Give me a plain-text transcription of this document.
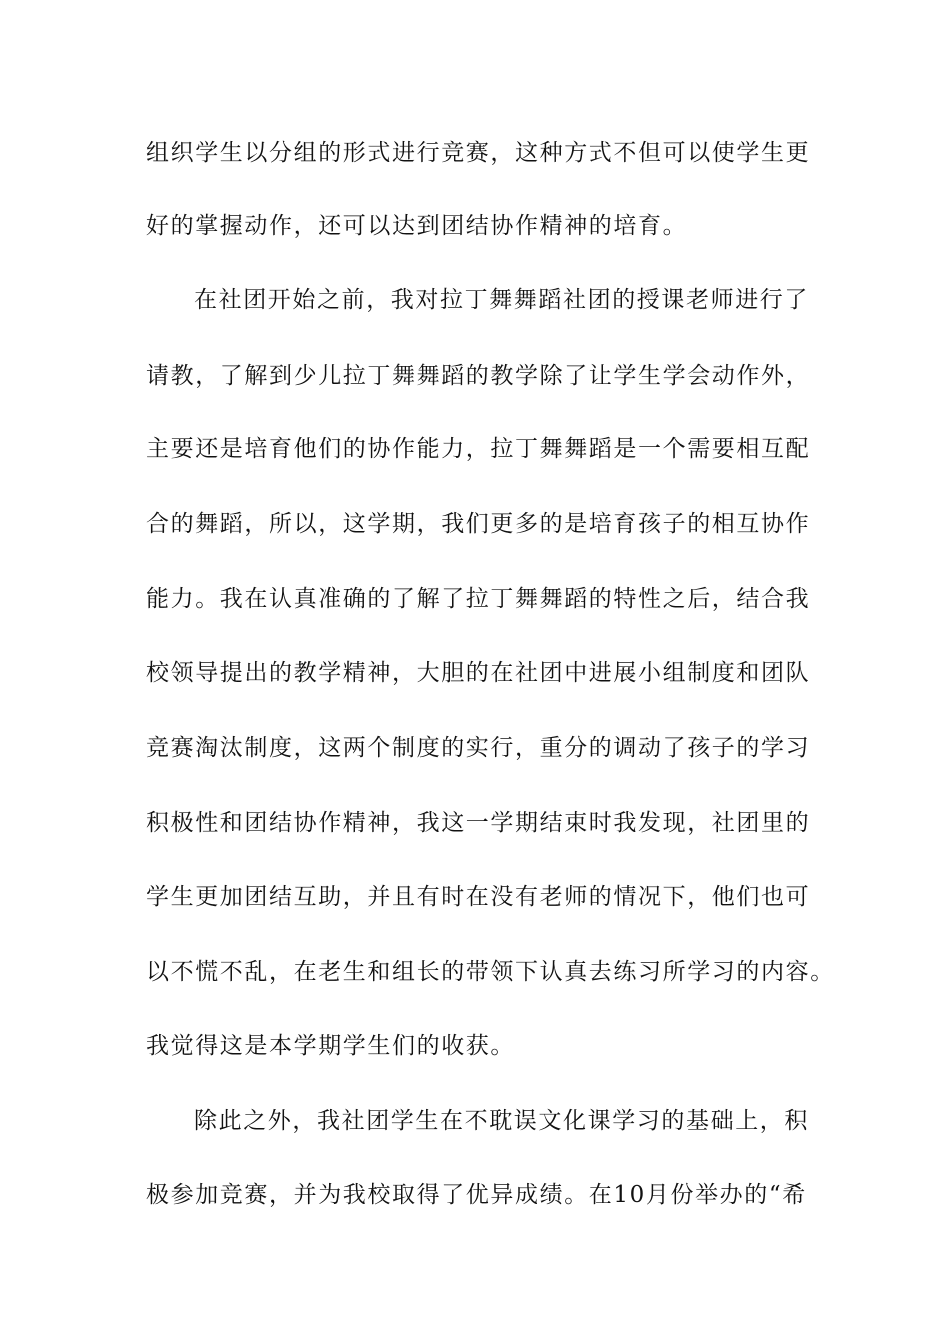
组织学生以分组的形式进行竞赛，这种方式不但可以使学生更
好的掌握动作，还可以达到团结协作精神的培育。
在社团开始之前，我对拉丁舞舞蹈社团的授课老师进行了
请教，了解到少儿拉丁舞舞蹈的教学除了让学生学会动作外，
主要还是培育他们的协作能力，拉丁舞舞蹈是一个需要相互配
合的舞蹈，所以，这学期，我们更多的是培育孩子的相互协作
能力。我在认真准确的了解了拉丁舞舞蹈的特性之后，结合我
校领导提出的教学精神，大胆的在社团中进展小组制度和团队
竞赛淘汰制度，这两个制度的实行，重分的调动了孩子的学习
积极性和团结协作精神，我这一学期结束时我发现，社团里的
学生更加团结互助，并且有时在没有老师的情况下，他们也可
以不慌不乱，在老生和组长的带领下认真去练习所学习的内容。
我觉得这是本学期学生们的收获。
除此之外，我社团学生在不耽误文化课学习的基础上，积
极参加竞赛，并为我校取得了优异成绩。在10月份举办的“希
